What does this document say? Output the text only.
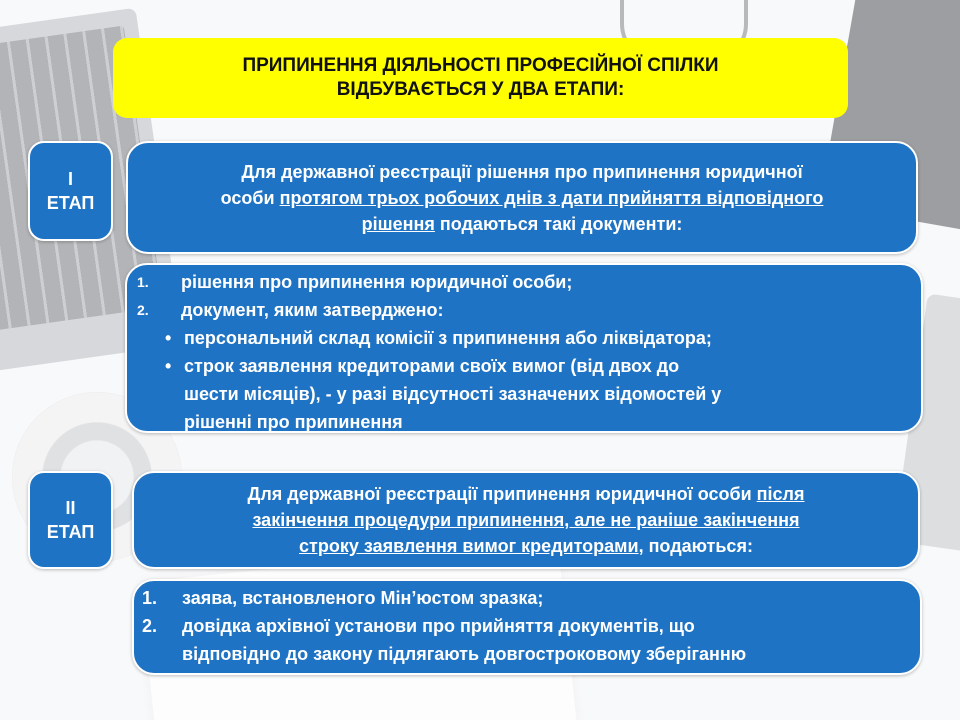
ПРИПИНЕННЯ ДІЯЛЬНОСТІ ПРОФЕСІЙНОЇ СПІЛКИ
ВІДБУВАЄТЬСЯ У ДВА ЕТАПИ:
I
ЕТАП
Для державної реєстрації рішення про припинення юридичної
особи протягом трьох робочих днів з дати прийняття відповідного
рішення подаються такі документи:
1. рішення про припинення юридичної особи;
2. документ, яким затверджено:
• персональний склад комісії з припинення або ліквідатора;
• строк заявлення кредиторами своїх вимог (від двох до
шести місяців), - у разі відсутності зазначених відомостей у
рішенні про припинення
II
ЕТАП
Для державної реєстрації припинення юридичної особи після
закінчення процедури припинення, але не раніше закінчення
строку заявлення вимог кредиторами, подаються:
1. заява, встановленого Мін’юстом зразка;
2. довідка архівної установи про прийняття документів, що
відповідно до закону підлягають довгостроковому зберіганню
